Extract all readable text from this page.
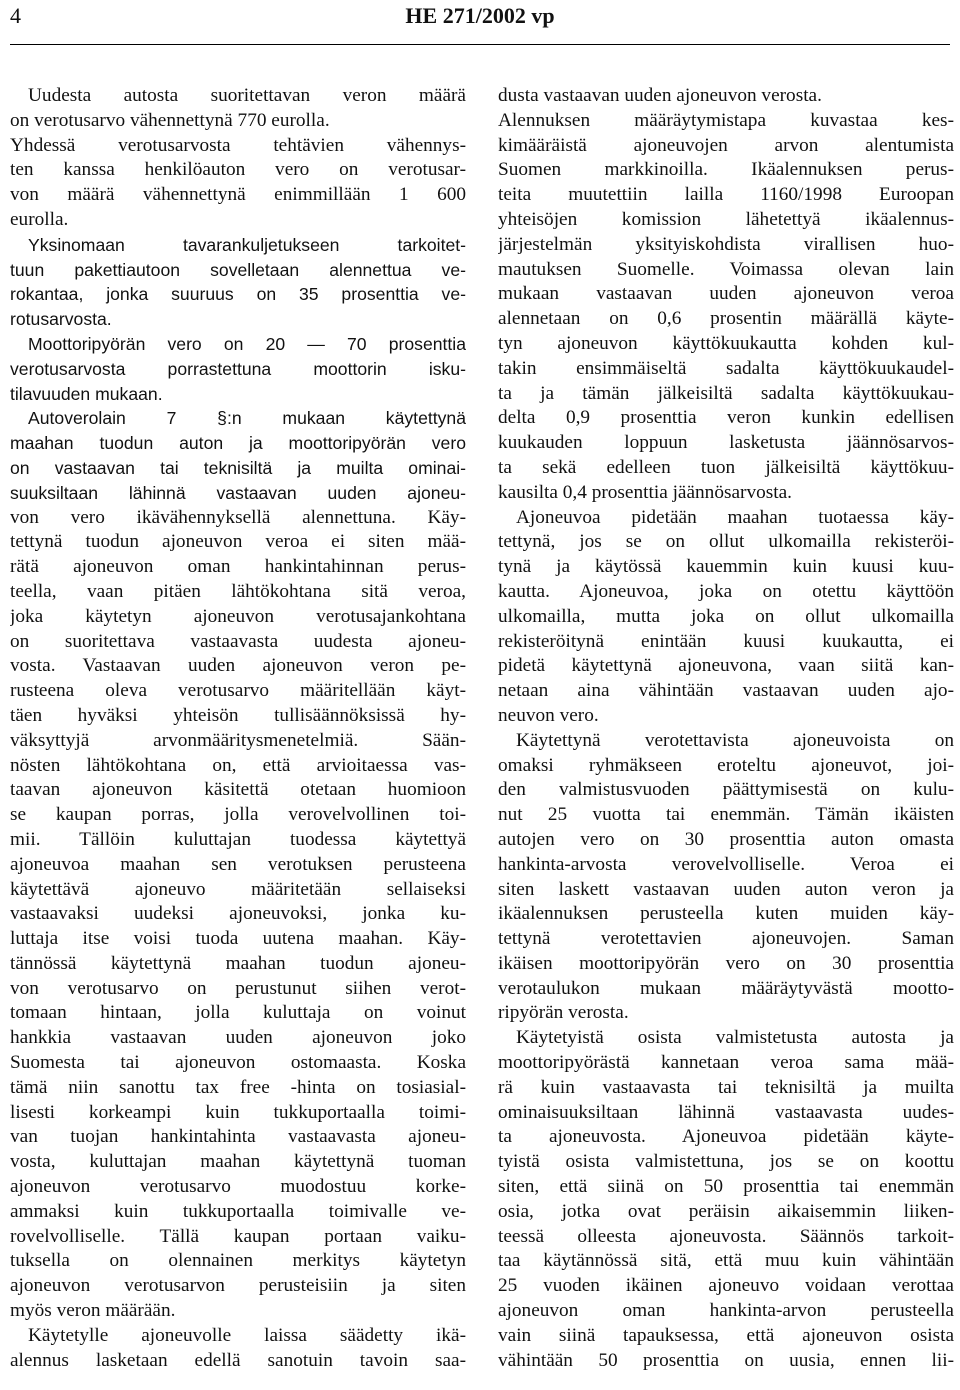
4	HE 271/2002 vp
Uudesta autosta suoritettavan veron määrä
on verotusarvo vähennettynä 770 eurolla.
Yhdessä verotusarvosta tehtävien vähennys-
ten kanssa henkilöauton vero on verotusar-
von määrä vähennettynä enimmillään 1 600
eurolla.
Yksinomaan tavarankuljetukseen tarkoitet-
tuun pakettiautoon sovelletaan alennettua ve-
rokantaa, jonka suuruus on 35 prosenttia ve-
rotusarvosta.
Moottoripyörän vero on 20 — 70 prosenttia
verotusarvosta porrastettuna moottorin isku-
tilavuuden mukaan.
Autoverolain 7 §:n mukaan käytettynä
maahan tuodun auton ja moottoripyörän vero
on vastaavan tai teknisiltä ja muilta ominai-
suuksiltaan lähinnä vastaavan uuden ajoneu-
von vero ikävähennyksellä alennettuna. Käy-
tettynä tuodun ajoneuvon veroa ei siten mää-
rätä ajoneuvon oman hankintahinnan perus-
teella, vaan pitäen lähtökohtana sitä veroa,
joka käytetyn ajoneuvon verotusajankohtana
on suoritettava vastaavasta uudesta ajoneu-
vosta. Vastaavan uuden ajoneuvon veron pe-
rusteena oleva verotusarvo määritellään käyt-
täen hyväksi yhteisön tullisäännöksissä hy-
väksyttyjä arvonmääritysmenetelmiä. Sään-
nösten lähtökohtana on, että arvioitaessa vas-
taavan ajoneuvon käsitettä otetaan huomioon
se kaupan porras, jolla verovelvollinen toi-
mii. Tällöin kuluttajan tuodessa käytettyä
ajoneuvoa maahan sen verotuksen perusteena
käytettävä ajoneuvo määritetään sellaiseksi
vastaavaksi uudeksi ajoneuvoksi, jonka ku-
luttaja itse voisi tuoda uutena maahan. Käy-
tännössä käytettynä maahan tuodun ajoneu-
von verotusarvo on perustunut siihen verot-
tomaan hintaan, jolla kuluttaja on voinut
hankkia vastaavan uuden ajoneuvon joko
Suomesta tai ajoneuvon ostomaasta. Koska
tämä niin sanottu tax free -hinta on tosiasial-
lisesti korkeampi kuin tukkuportaalla toimi-
van tuojan hankintahinta vastaavasta ajoneu-
vosta, kuluttajan maahan käytettynä tuoman
ajoneuvon verotusarvo muodostuu korke-
ammaksi kuin tukkuportaalla toimivalle ve-
rovelvolliselle. Tällä kaupan portaan vaiku-
tuksella on olennainen merkitys käytetyn
ajoneuvon verotusarvon perusteisiin ja siten
myös veron määrään.
Käytetylle ajoneuvolle laissa säädetty ikä-
alennus lasketaan edellä sanotuin tavoin saa-
dusta vastaavan uuden ajoneuvon verosta.
Alennuksen määräytymistapa kuvastaa kes-
kimääräistä ajoneuvojen arvon alentumista
Suomen markkinoilla. Ikäalennuksen perus-
teita muutettiin lailla 1160/1998 Euroopan
yhteisöjen komission lähetettyä ikäalennus-
järjestelmän yksityiskohdista virallisen huo-
mautuksen Suomelle. Voimassa olevan lain
mukaan vastaavan uuden ajoneuvon veroa
alennetaan on 0,6 prosentin määrällä käyte-
tyn ajoneuvon käyttökuukautta kohden kul-
takin ensimmäiseltä sadalta käyttökuukaudel-
ta ja tämän jälkeisiltä sadalta käyttökuukau-
delta 0,9 prosenttia veron kunkin edellisen
kuukauden loppuun lasketusta jäännösarvos-
ta sekä edelleen tuon jälkeisiltä käyttökuu-
kausilta 0,4 prosenttia jäännösarvosta.
Ajoneuvoa pidetään maahan tuotaessa käy-
tettynä, jos se on ollut ulkomailla rekisteröi-
tynä ja käytössä kauemmin kuin kuusi kuu-
kautta. Ajoneuvoa, joka on otettu käyttöön
ulkomailla, mutta joka on ollut ulkomailla
rekisteröitynä enintään kuusi kuukautta, ei
pidetä käytettynä ajoneuvona, vaan siitä kan-
netaan aina vähintään vastaavan uuden ajo-
neuvon vero.
Käytettynä verotettavista ajoneuvoista on
omaksi ryhmäkseen eroteltu ajoneuvot, joi-
den valmistusvuoden päättymisestä on kulu-
nut 25 vuotta tai enemmän. Tämän ikäisten
autojen vero on 30 prosenttia auton omasta
hankinta-arvosta verovelvolliselle. Veroa ei
siten laskett vastaavan uuden auton veron ja
ikäalennuksen perusteella kuten muiden käy-
tettynä verotettavien ajoneuvojen. Saman
ikäisen moottoripyörän vero on 30 prosenttia
verotaulukon mukaan määräytyvästä mootto-
ripyörän verosta.
Käytetyistä osista valmistetusta autosta ja
moottoripyörästä kannetaan veroa sama mää-
rä kuin vastaavasta tai teknisiltä ja muilta
ominaisuuksiltaan lähinnä vastaavasta uudes-
ta ajoneuvosta. Ajoneuvoa pidetään käyte-
tyistä osista valmistettuna, jos se on koottu
siten, että siinä on 50 prosenttia tai enemmän
osia, jotka ovat peräisin aikaisemmin liiken-
teessä olleesta ajoneuvosta. Säännös tarkoit-
taa käytännössä sitä, että muu kuin vähintään
25 vuoden ikäinen ajoneuvo voidaan verottaa
ajoneuvon oman hankinta-arvon perusteella
vain siinä tapauksessa, että ajoneuvon osista
vähintään 50 prosenttia on uusia, ennen lii-
